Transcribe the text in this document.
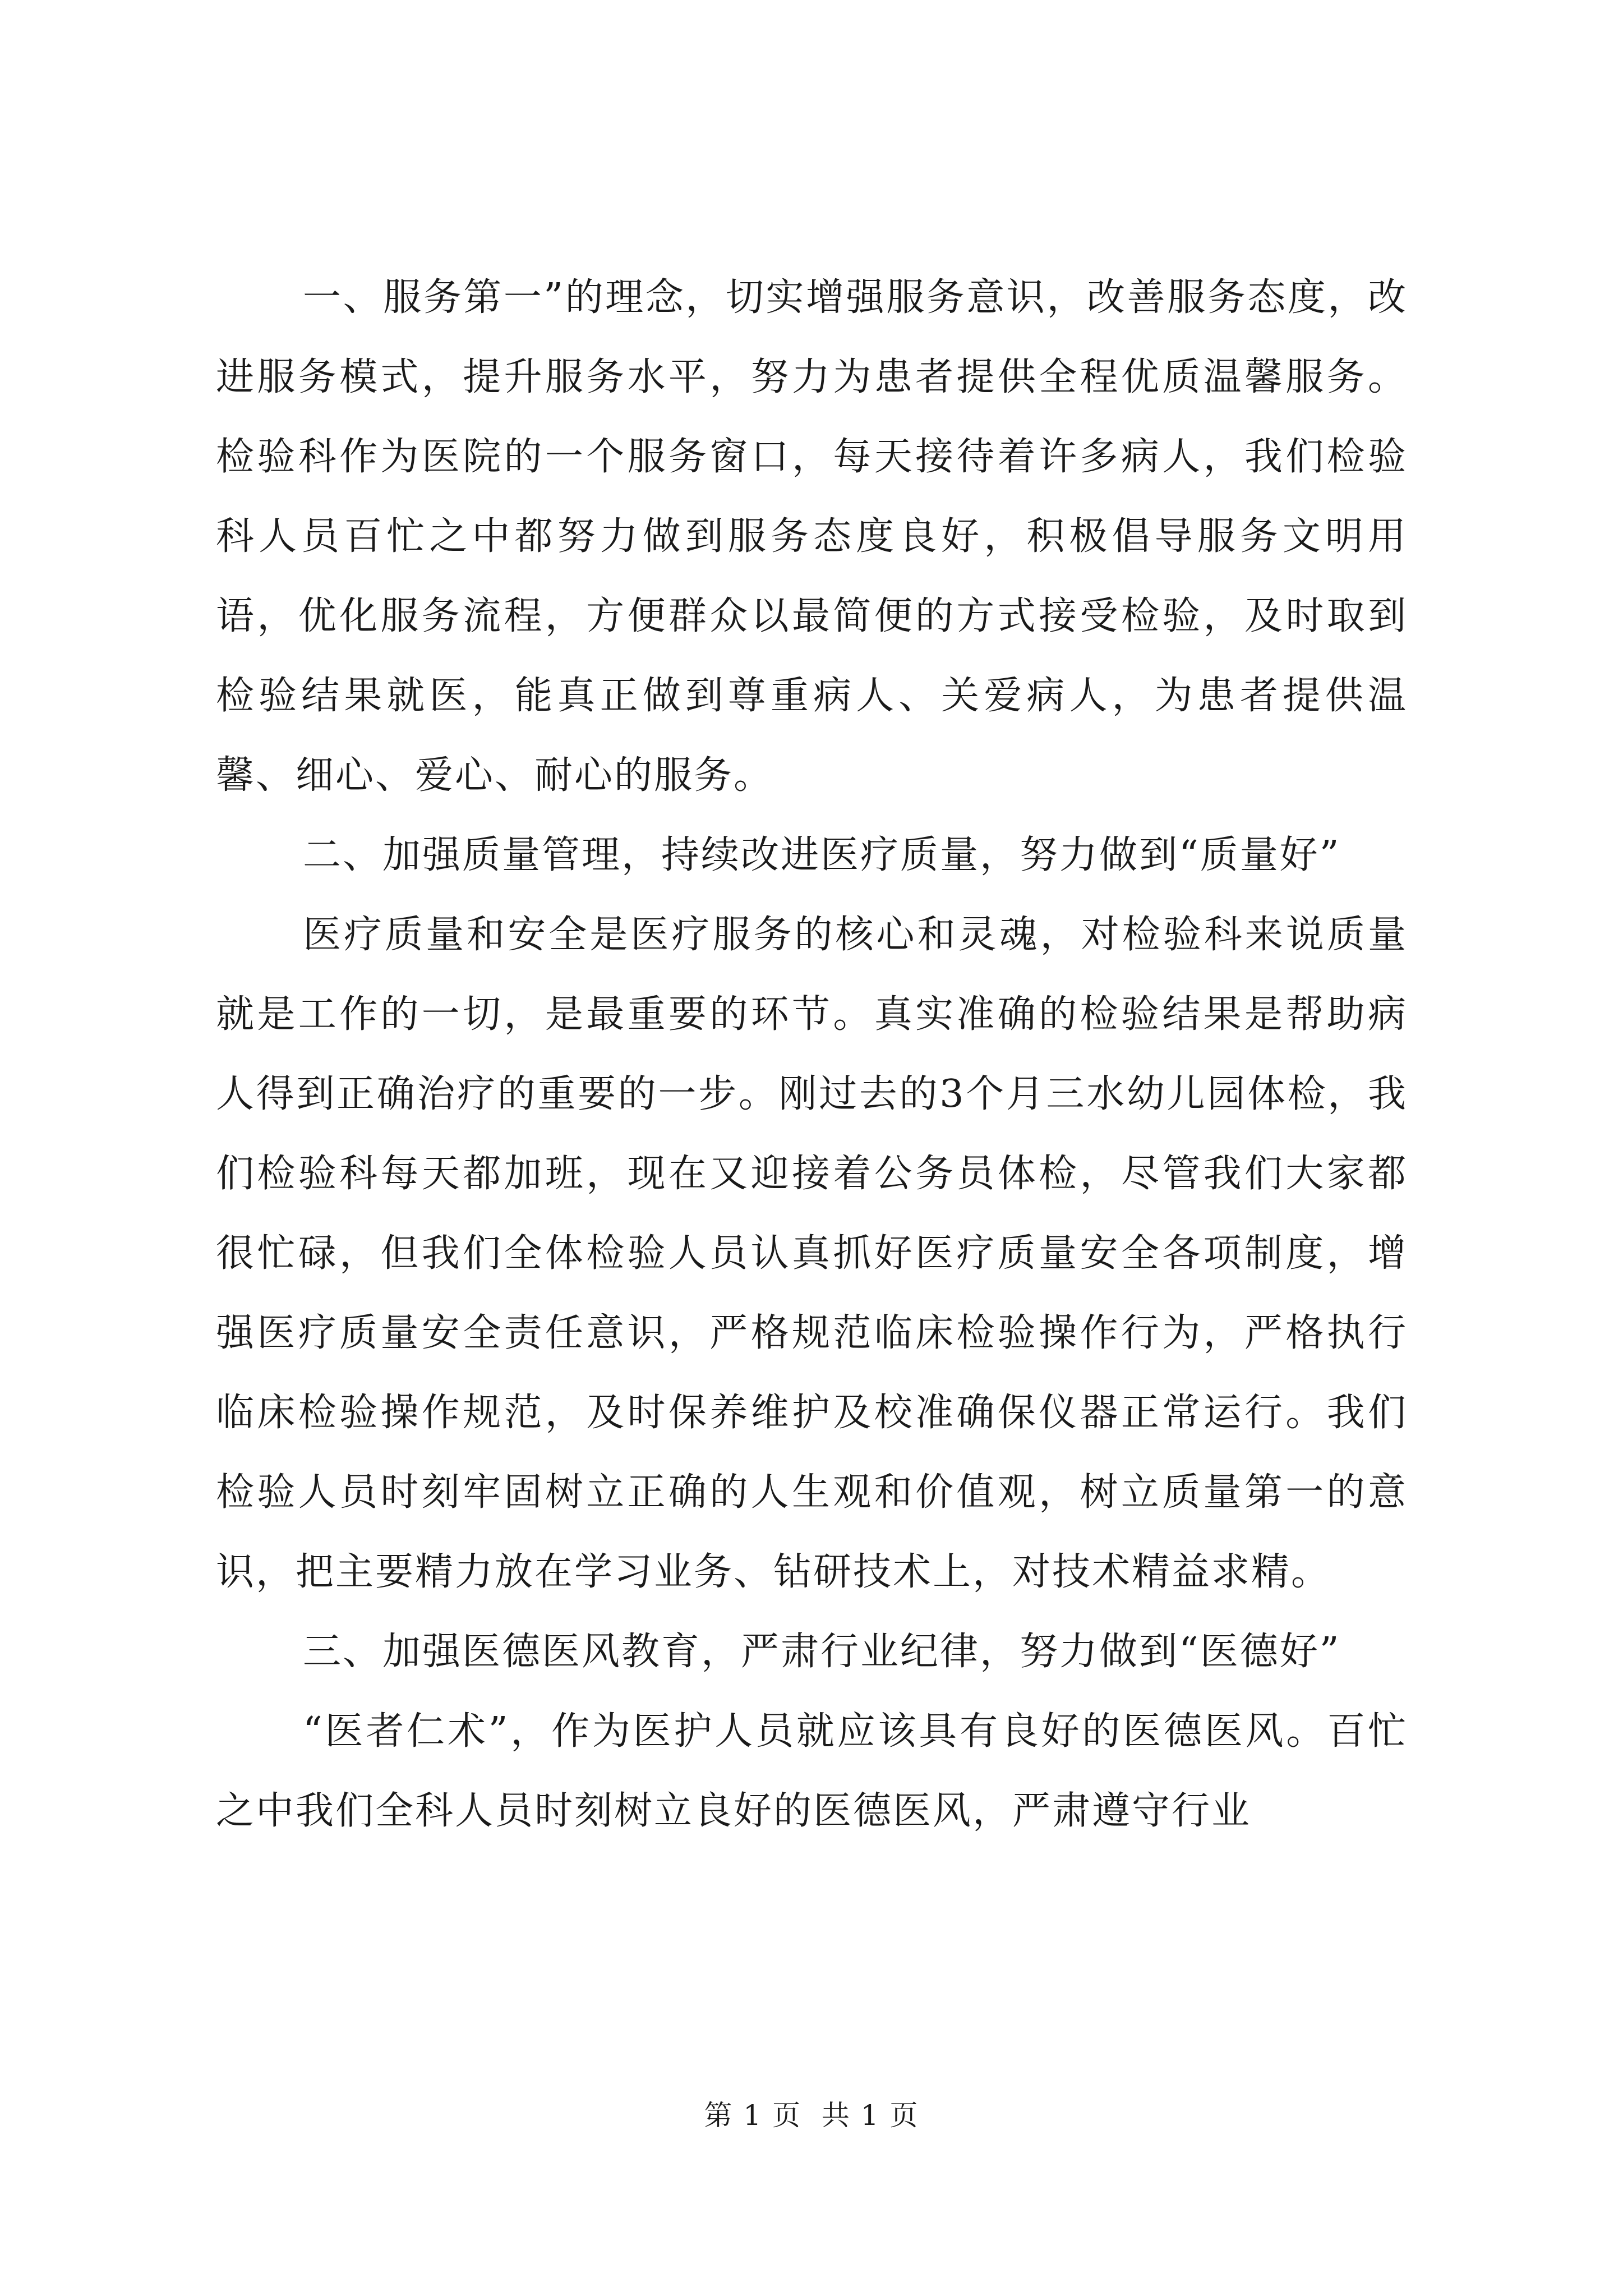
一、服务第一”的理念，切实增强服务意识，改善服务态度，改进服务模式，提升服务水平，努力为患者提供全程优质温馨服务。检验科作为医院的一个服务窗口，每天接待着许多病人，我们检验科人员百忙之中都努力做到服务态度良好，积极倡导服务文明用语，优化服务流程，方便群众以最简便的方式接受检验，及时取到检验结果就医，能真正做到尊重病人、关爱病人，为患者提供温馨、细心、爱心、耐心的服务。

二、加强质量管理，持续改进医疗质量，努力做到“质量好”

医疗质量和安全是医疗服务的核心和灵魂，对检验科来说质量就是工作的一切，是最重要的环节。真实准确的检验结果是帮助病人得到正确治疗的重要的一步。刚过去的3个月三水幼儿园体检，我们检验科每天都加班，现在又迎接着公务员体检，尽管我们大家都很忙碌，但我们全体检验人员认真抓好医疗质量安全各项制度，增强医疗质量安全责任意识，严格规范临床检验操作行为，严格执行临床检验操作规范，及时保养维护及校准确保仪器正常运行。我们检验人员时刻牢固树立正确的人生观和价值观，树立质量第一的意识，把主要精力放在学习业务、钻研技术上，对技术精益求精。

三、加强医德医风教育，严肃行业纪律，努力做到“医德好”

“医者仁术”，作为医护人员就应该具有良好的医德医风。百忙之中我们全科人员时刻树立良好的医德医风，严肃遵守行业

第 1 页  共 1 页
